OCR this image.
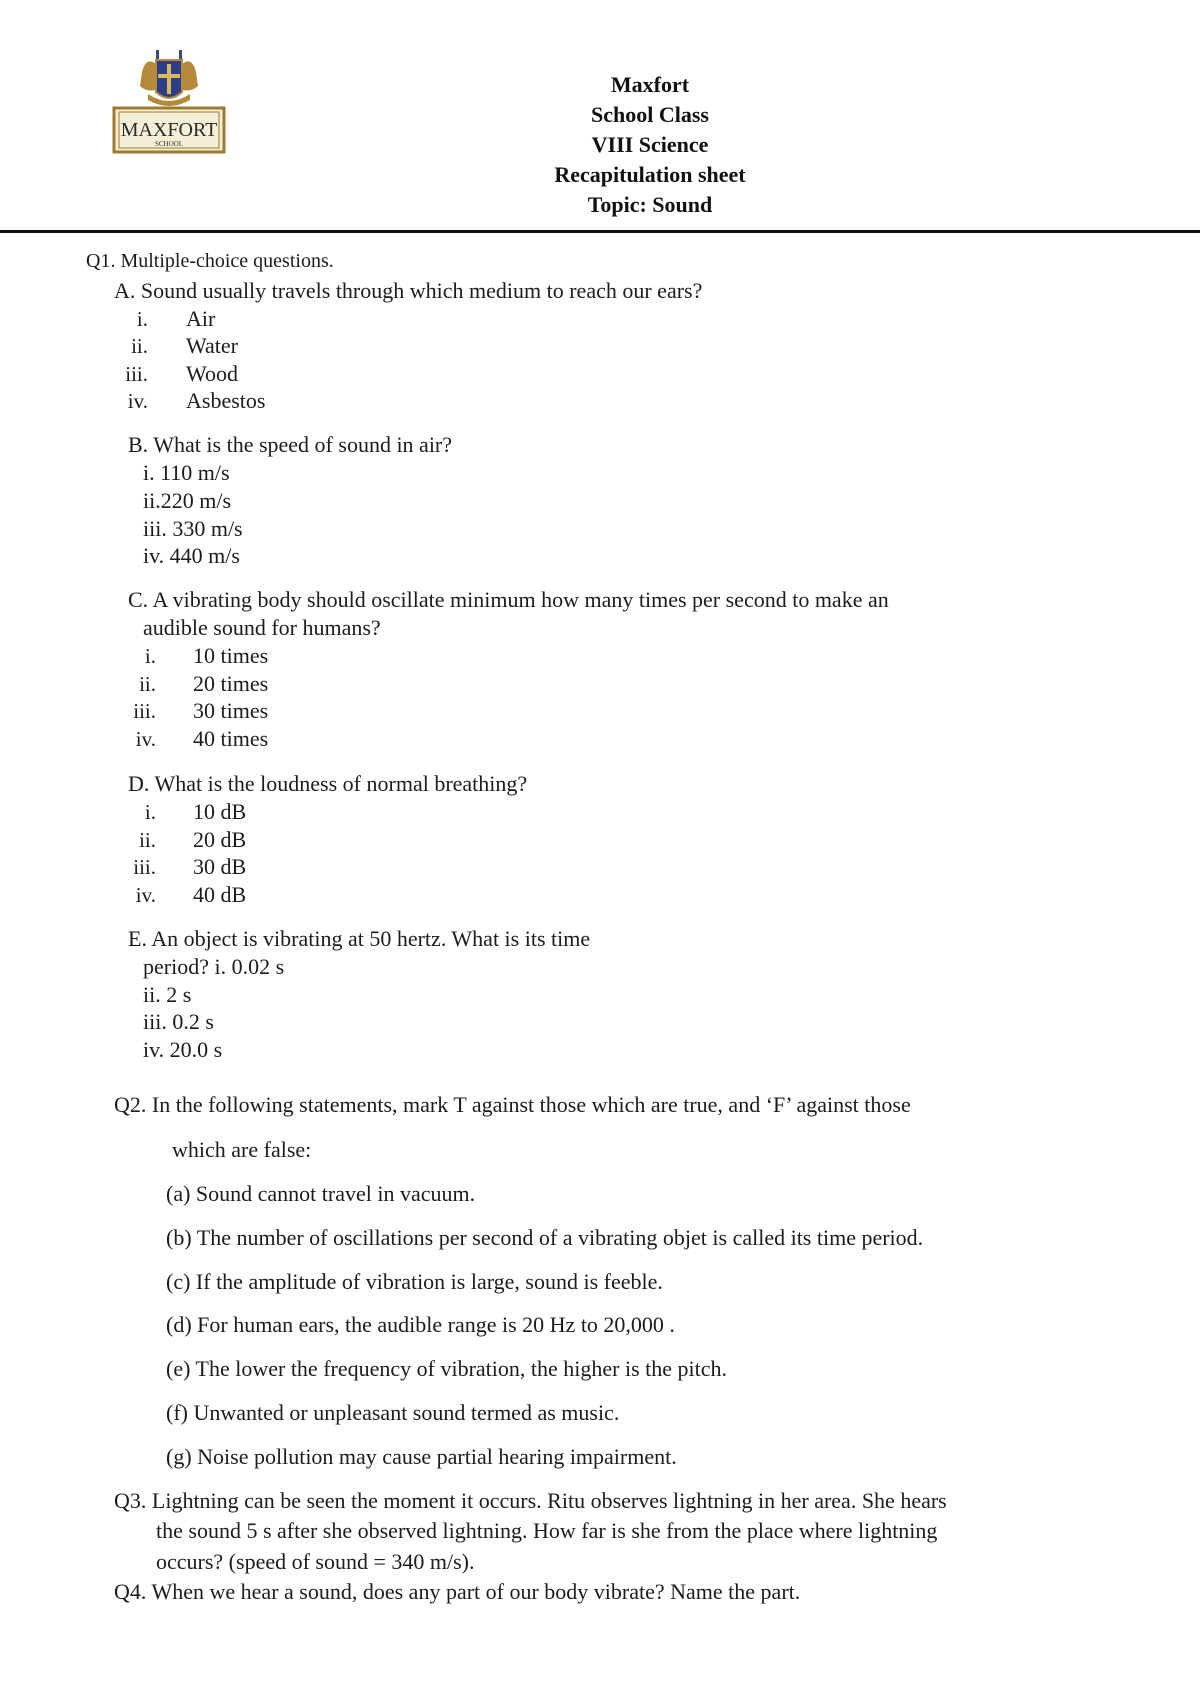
MAXFORT
SCHOOL
Maxfort
School Class
VIII Science
Recapitulation sheet
Topic: Sound
Q1. Multiple-choice questions.
A. Sound usually travels through which medium to reach our ears?
i. Air
ii. Water
iii. Wood
iv. Asbestos
B. What is the speed of sound in air?
i. 110 m/s
ii.220 m/s
iii. 330 m/s
iv. 440 m/s
C. A vibrating body should oscillate minimum how many times per second to make an
audible sound for humans?
i. 10 times
ii. 20 times
iii. 30 times
iv. 40 times
D. What is the loudness of normal breathing?
i. 10 dB
ii. 20 dB
iii. 30 dB
iv. 40 dB
E. An object is vibrating at 50 hertz. What is its time
period? i. 0.02 s
ii. 2 s
iii. 0.2 s
iv. 20.0 s
Q2. In the following statements, mark T against those which are true, and ‘F’ against those
which are false:
(a) Sound cannot travel in vacuum.
(b) The number of oscillations per second of a vibrating objet is called its time period.
(c) If the amplitude of vibration is large, sound is feeble.
(d) For human ears, the audible range is 20 Hz to 20,000 .
(e) The lower the frequency of vibration, the higher is the pitch.
(f) Unwanted or unpleasant sound termed as music.
(g) Noise pollution may cause partial hearing impairment.
Q3. Lightning can be seen the moment it occurs. Ritu observes lightning in her area. She hears
the sound 5 s after she observed lightning. How far is she from the place where lightning
occurs? (speed of sound = 340 m/s).
Q4. When we hear a sound, does any part of our body vibrate? Name the part.
